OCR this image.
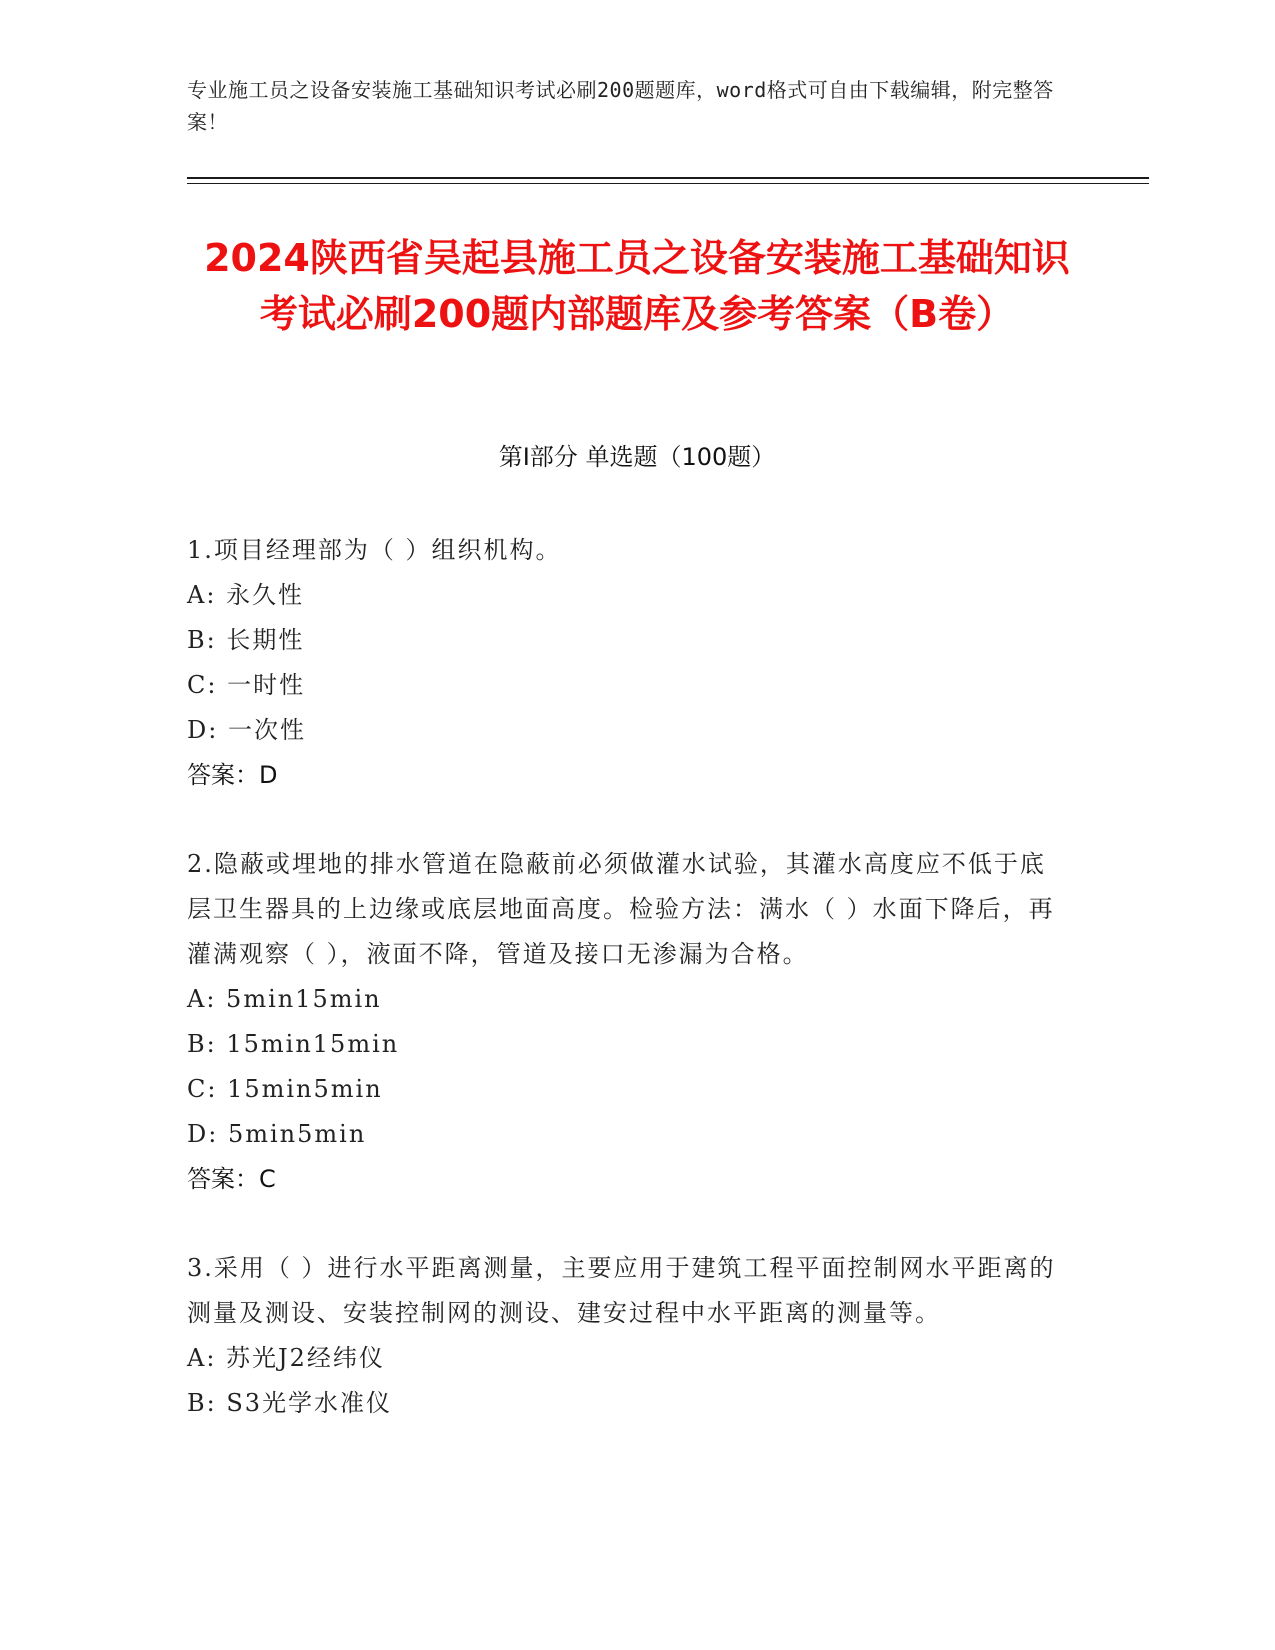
专业施工员之设备安装施工基础知识考试必刷200题题库，word格式可自由下载编辑，附完整答案！
2024陕西省吴起县施工员之设备安装施工基础知识考试必刷200题内部题库及参考答案（B卷）
第I部分 单选题（100题）
1.项目经理部为（ ）组织机构。
A: 永久性
B: 长期性
C: 一时性
D: 一次性
答案：D
2.隐蔽或埋地的排水管道在隐蔽前必须做灌水试验，其灌水高度应不低于底层卫生器具的上边缘或底层地面高度。检验方法：满水（ ）水面下降后，再灌满观察（ ），液面不降，管道及接口无渗漏为合格。
A: 5min15min
B: 15min15min
C: 15min5min
D: 5min5min
答案：C
3.采用（ ）进行水平距离测量，主要应用于建筑工程平面控制网水平距离的测量及测设、安装控制网的测设、建安过程中水平距离的测量等。
A: 苏光J2经纬仪
B: S3光学水准仪
